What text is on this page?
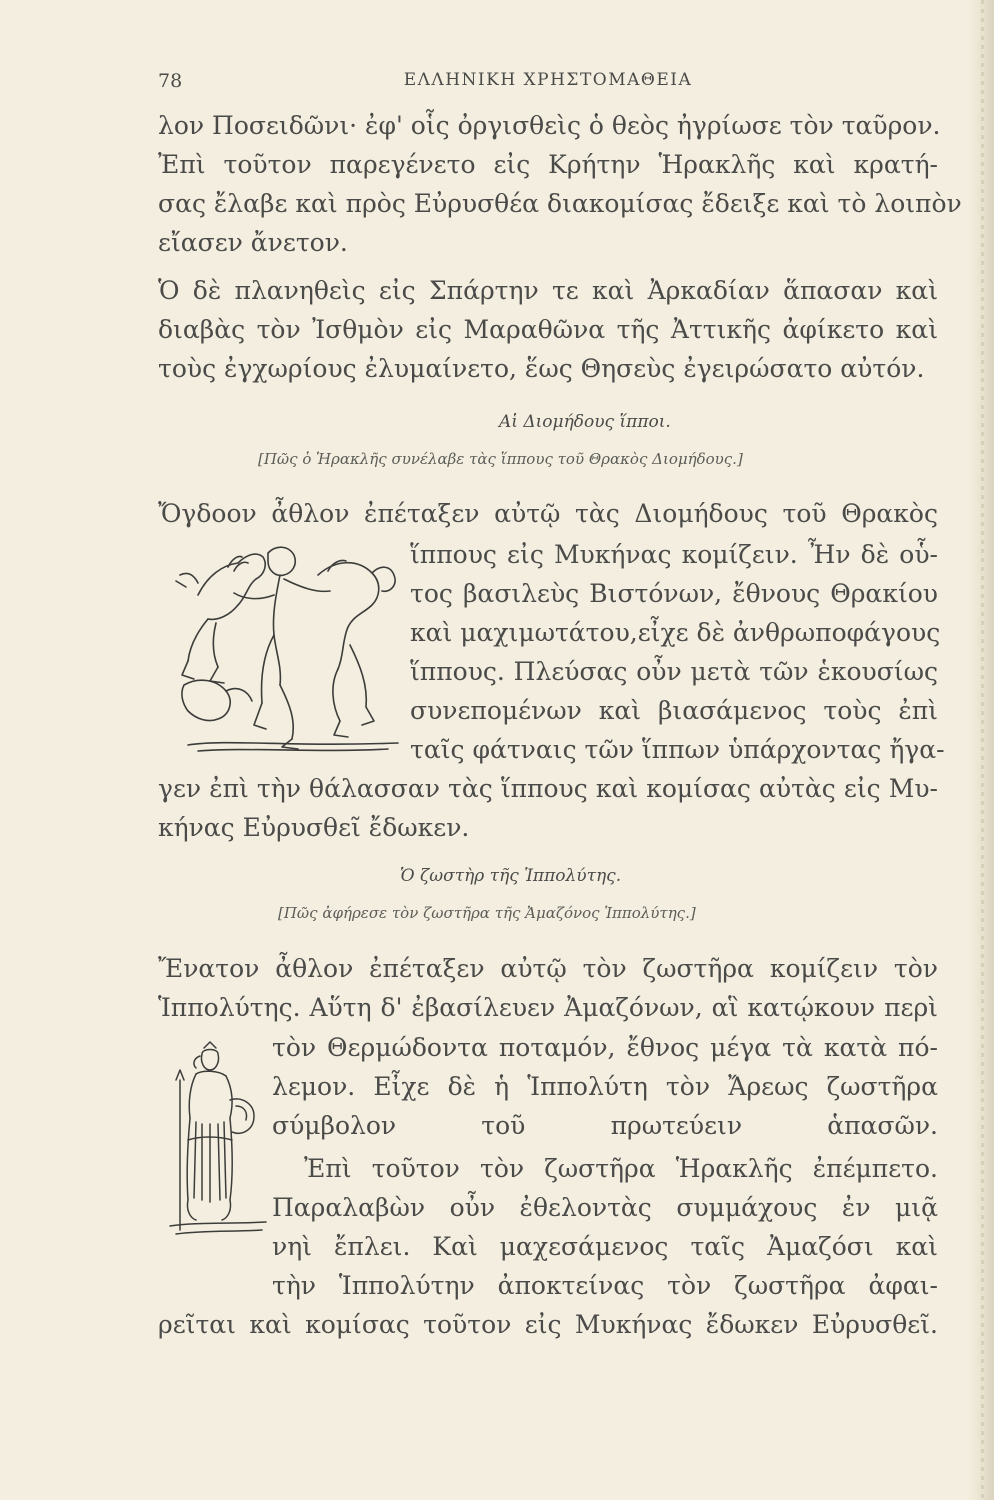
78	ΕΛΛΗΝΙΚΗ ΧΡΗΣΤΟΜΑΘΕΙΑ
λον Ποσειδῶνι· ἐφ' οἷς ὀργισθεὶς ὁ θεὸς ἠγρίωσε τὸν ταῦρον.
Ἐπὶ τοῦτον παρεγένετο εἰς Κρήτην Ἡρακλῆς καὶ κρατή-
σας ἔλαβε καὶ πρὸς Εὐρυσθέα διακομίσας ἔδειξε καὶ τὸ λοιπὸν
εἴασεν ἄνετον.
Ὁ δὲ πλανηθεὶς εἰς Σπάρτην τε καὶ Ἀρκαδίαν ἅπασαν καὶ
διαβὰς τὸν Ἰσθμὸν εἰς Μαραθῶνα τῆς Ἀττικῆς ἀφίκετο καὶ
τοὺς ἐγχωρίους ἐλυμαίνετο, ἕως Θησεὺς ἐγειρώσατο αὐτόν.
Αἱ Διομήδους ἵπποι.
[Πῶς ὁ Ἡρακλῆς συνέλαβε τὰς ἵππους τοῦ Θρακὸς Διομήδους.]
Ὄγδοον ἆθλον ἐπέταξεν αὐτῷ τὰς Διομήδους τοῦ Θρακὸς
ἵππους εἰς Μυκήνας κομίζειν. Ἦν δὲ οὗ-
τος βασιλεὺς Βιστόνων, ἔθνους Θρακίου
καὶ μαχιμωτάτου,εἶχε δὲ ἀνθρωποφάγους
ἵππους. Πλεύσας οὖν μετὰ τῶν ἑκουσίως
συνεπομένων καὶ βιασάμενος τοὺς ἐπὶ
ταῖς φάτναις τῶν ἵππων ὑπάρχοντας ἤγα-
γεν ἐπὶ τὴν θάλασσαν τὰς ἵππους καὶ κομίσας αὐτὰς εἰς Μυ-
κήνας Εὐρυσθεῖ ἔδωκεν.
Ὁ ζωστὴρ τῆς Ἱππολύτης.
[Πῶς ἀφήρεσε τὸν ζωστῆρα τῆς Ἀμαζόνος Ἱππολύτης.]
Ἔνατον ἆθλον ἐπέταξεν αὐτῷ τὸν ζωστῆρα κομίζειν τὸν
Ἱππολύτης. Αὕτη δ' ἐβασίλευεν Ἀμαζόνων, αἳ κατῴκουν περὶ
τὸν Θερμώδοντα ποταμόν, ἔθνος μέγα τὰ κατὰ πό-
λεμον. Εἶχε δὲ ἡ Ἱππολύτη τὸν Ἄρεως ζωστῆρα
σύμβολον τοῦ πρωτεύειν ἁπασῶν.
Ἐπὶ τοῦτον τὸν ζωστῆρα Ἡρακλῆς ἐπέμπετο.
Παραλαβὼν οὖν ἐθελοντὰς συμμάχους ἐν μιᾷ
νηὶ ἔπλει. Καὶ μαχεσάμενος ταῖς Ἀμαζόσι καὶ
τὴν Ἱππολύτην ἀποκτείνας τὸν ζωστῆρα ἀφαι-
ρεῖται καὶ κομίσας τοῦτον εἰς Μυκήνας ἔδωκεν Εὐρυσθεῖ.
